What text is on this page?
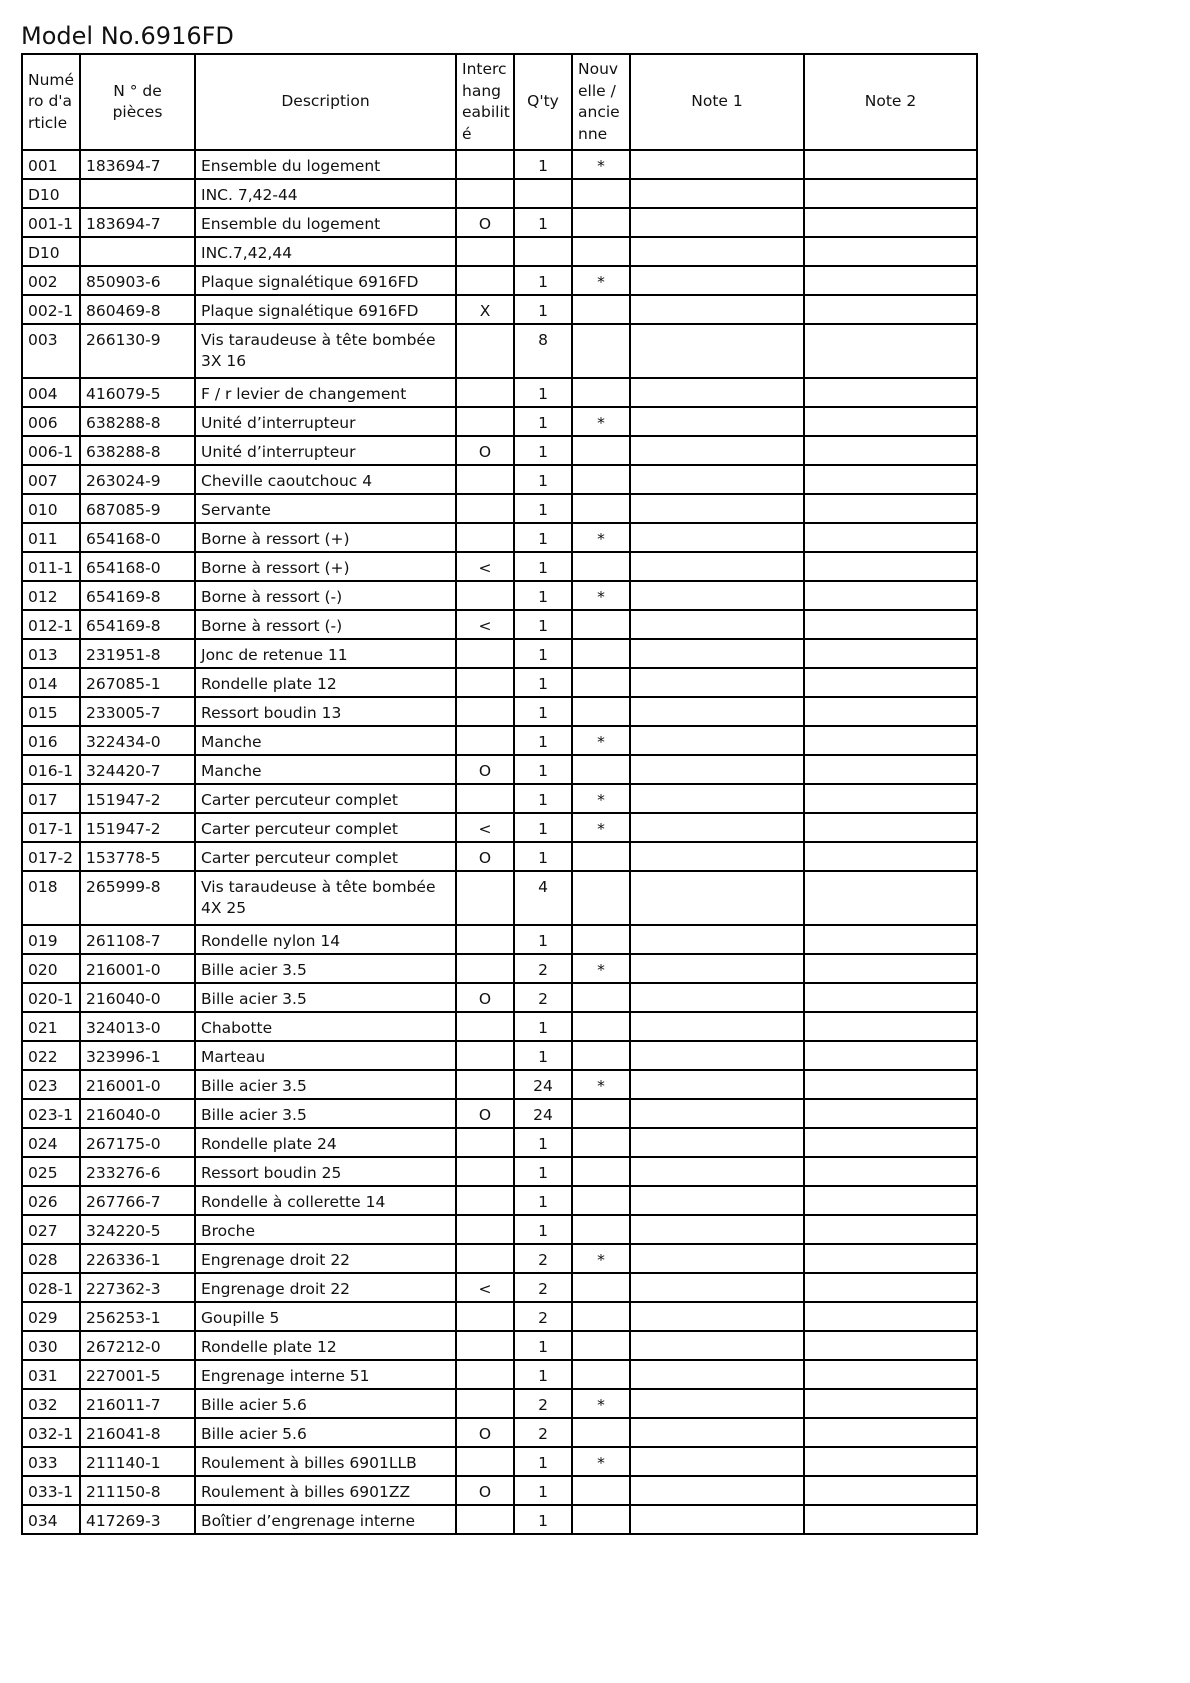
Model No.6916FD
Numé ro d'a rticle	N ° de pièces	Description	Interc hang eabilit é	Q'ty	Nouv elle / ancie nne	Note 1	Note 2
001	183694-7	Ensemble du logement		1	*		
D10		INC. 7,42-44					
001-1	183694-7	Ensemble du logement	O	1			
D10		INC.7,42,44					
002	850903-6	Plaque signalétique 6916FD		1	*		
002-1	860469-8	Plaque signalétique 6916FD	X	1			
003	266130-9	Vis taraudeuse à tête bombée 3X 16		8			
004	416079-5	F / r levier de changement		1			
006	638288-8	Unité d’interrupteur		1	*		
006-1	638288-8	Unité d’interrupteur	O	1			
007	263024-9	Cheville caoutchouc 4		1			
010	687085-9	Servante		1			
011	654168-0	Borne à ressort (+)		1	*		
011-1	654168-0	Borne à ressort (+)	<	1			
012	654169-8	Borne à ressort (-)		1	*		
012-1	654169-8	Borne à ressort (-)	<	1			
013	231951-8	Jonc de retenue 11		1			
014	267085-1	Rondelle plate 12		1			
015	233005-7	Ressort boudin 13		1			
016	322434-0	Manche		1	*		
016-1	324420-7	Manche	O	1			
017	151947-2	Carter percuteur complet		1	*		
017-1	151947-2	Carter percuteur complet	<	1	*		
017-2	153778-5	Carter percuteur complet	O	1			
018	265999-8	Vis taraudeuse à tête bombée 4X 25		4			
019	261108-7	Rondelle nylon 14		1			
020	216001-0	Bille acier 3.5		2	*		
020-1	216040-0	Bille acier 3.5	O	2			
021	324013-0	Chabotte		1			
022	323996-1	Marteau		1			
023	216001-0	Bille acier 3.5		24	*		
023-1	216040-0	Bille acier 3.5	O	24			
024	267175-0	Rondelle plate 24		1			
025	233276-6	Ressort boudin 25		1			
026	267766-7	Rondelle à collerette 14		1			
027	324220-5	Broche		1			
028	226336-1	Engrenage droit 22		2	*		
028-1	227362-3	Engrenage droit 22	<	2			
029	256253-1	Goupille 5		2			
030	267212-0	Rondelle plate 12		1			
031	227001-5	Engrenage interne 51		1			
032	216011-7	Bille acier 5.6		2	*		
032-1	216041-8	Bille acier 5.6	O	2			
033	211140-1	Roulement à billes 6901LLB		1	*		
033-1	211150-8	Roulement à billes 6901ZZ	O	1			
034	417269-3	Boîtier d’engrenage interne		1			
